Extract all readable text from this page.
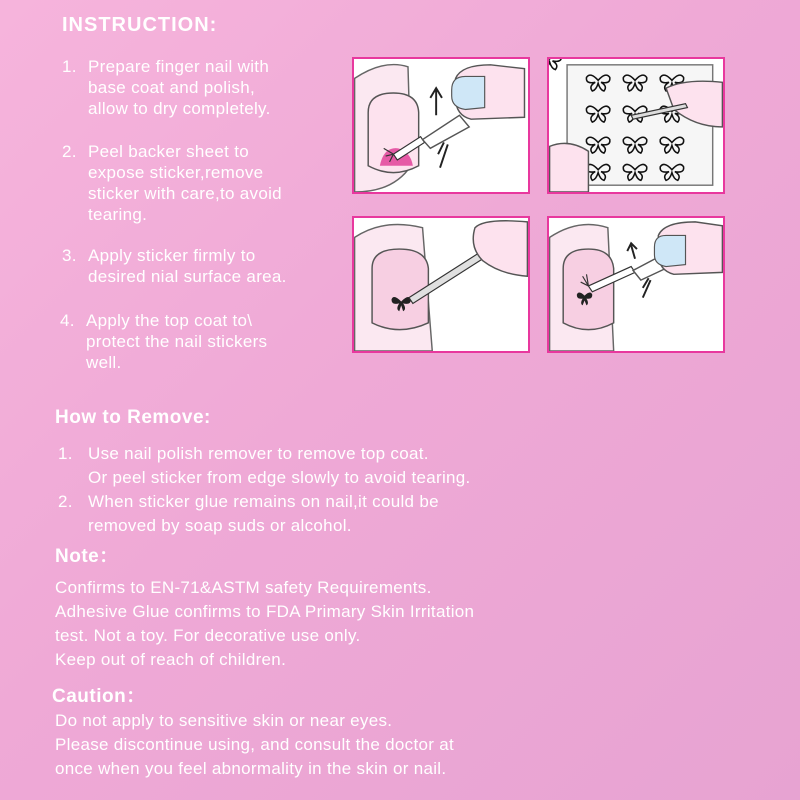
INSTRUCTION:
1. Prepare finger nail with
base coat and polish,
allow to dry completely.
2. Peel backer sheet to
expose sticker,remove
sticker with care,to avoid
tearing.
3. Apply sticker firmly to
desired nial surface area.
4. Apply the top coat to\
protect the nail stickers
well.
How to Remove:
1. Use nail polish remover to remove top coat.
Or peel sticker from edge slowly to avoid tearing.
2. When sticker glue remains on nail,it could be
removed by soap suds or alcohol.
Note：
Confirms to EN-71&ASTM safety Requirements.
Adhesive Glue confirms to FDA Primary Skin Irritation
test. Not a toy. For decorative use only.
Keep out of reach of children.
Caution：
Do not apply to sensitive skin or near eyes.
Please discontinue using, and consult the doctor at
once when you feel abnormality in the skin or nail.
